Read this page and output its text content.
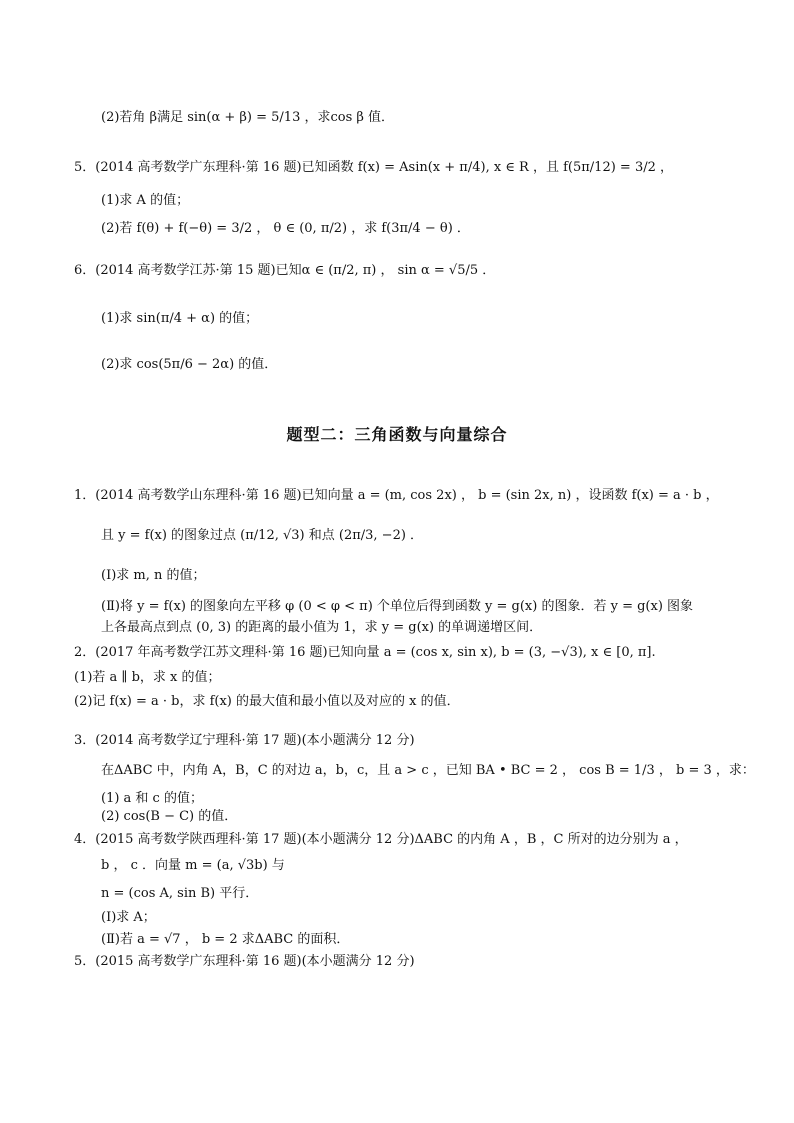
(2)若角 β满足 sin(α + β) = 5/13 ，求cos β 值．
5．(2014 高考数学广东理科·第 16 题)已知函数 f(x) = Asin(x + π/4), x ∈ R ，且 f(5π/12) = 3/2 ，
(1)求 A 的值；
(2)若 f(θ) + f(−θ) = 3/2 ， θ ∈ (0, π/2) ，求 f(3π/4 − θ) ．
6．(2014 高考数学江苏·第 15 题)已知α ∈ (π/2, π) ， sin α = √5/5 ．
(1)求 sin(π/4 + α) 的值；
(2)求 cos(5π/6 − 2α) 的值．
题型二：三角函数与向量综合
1．(2014 高考数学山东理科·第 16 题)已知向量 a = (m, cos 2x) ， b = (sin 2x, n) ，设函数 f(x) = a · b ，
且 y = f(x) 的图象过点 (π/12, √3) 和点 (2π/3, −2) ．
(Ⅰ)求 m, n 的值；
(Ⅱ)将 y = f(x) 的图象向左平移 φ (0 < φ < π) 个单位后得到函数 y = g(x) 的图象．若 y = g(x) 图象
上各最高点到点 (0, 3) 的距离的最小值为 1，求 y = g(x) 的单调递增区间．
2．(2017 年高考数学江苏文理科·第 16 题)已知向量 a = (cos x, sin x), b = (3, −√3), x ∈ [0, π].
(1)若 a ∥ b，求 x 的值；
(2)记 f(x) = a · b，求 f(x) 的最大值和最小值以及对应的 x 的值．
3．(2014 高考数学辽宁理科·第 17 题)(本小题满分 12 分)
在ΔABC 中，内角 A，B，C 的对边 a，b，c，且 a > c ，已知 BA • BC = 2 ， cos B = 1/3 ， b = 3 ，求：
(1) a 和 c 的值；
(2) cos(B − C) 的值．
4．(2015 高考数学陕西理科·第 17 题)(本小题满分 12 分)ΔABC 的内角 A ，B ，C 所对的边分别为 a ，
b ， c ．向量 m = (a, √3b) 与
n = (cos A, sin B) 平行．
(Ⅰ)求 A；
(Ⅱ)若 a = √7 ， b = 2 求ΔABC 的面积．
5．(2015 高考数学广东理科·第 16 题)(本小题满分 12 分)
